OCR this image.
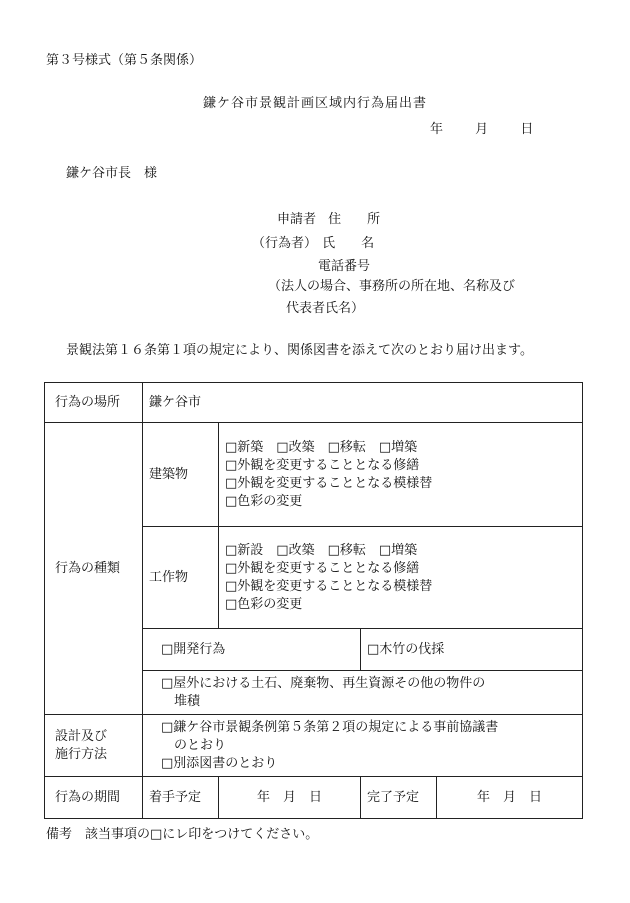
第３号様式（第５条関係）
鎌ケ谷市景観計画区域内行為届出書
年 月 日
鎌ケ谷市長　様
申請者 住　　所
（行為者） 氏　　名
電話番号
（法人の場合、事務所の所在地、名称及び
代表者氏名）
景観法第１６条第１項の規定により、関係図書を添えて次のとおり届け出ます。
行為の場所	鎌ケ谷市			
行為の種類	建築物	□新築　□改築　□移転　□増築
□外観を変更することとなる修繕
□外観を変更することとなる模様替
□色彩の変更		

	工作物	□新設　□改築　□移転　□増築
□外観を変更することとなる修繕
□外観を変更することとなる模様替
□色彩の変更		

	□開発行為		□木竹の伐採	

	□屋外における土石、廃棄物、再生資源その他の物件の
　堆積			

設計及び
施行方法	□鎌ケ谷市景観条例第５条第２項の規定による事前協議書
　のとおり
□別添図書のとおり			

行為の期間	着手予定	年　月　日	完了予定	年　月　日
備考　該当事項の□にレ印をつけてください。
